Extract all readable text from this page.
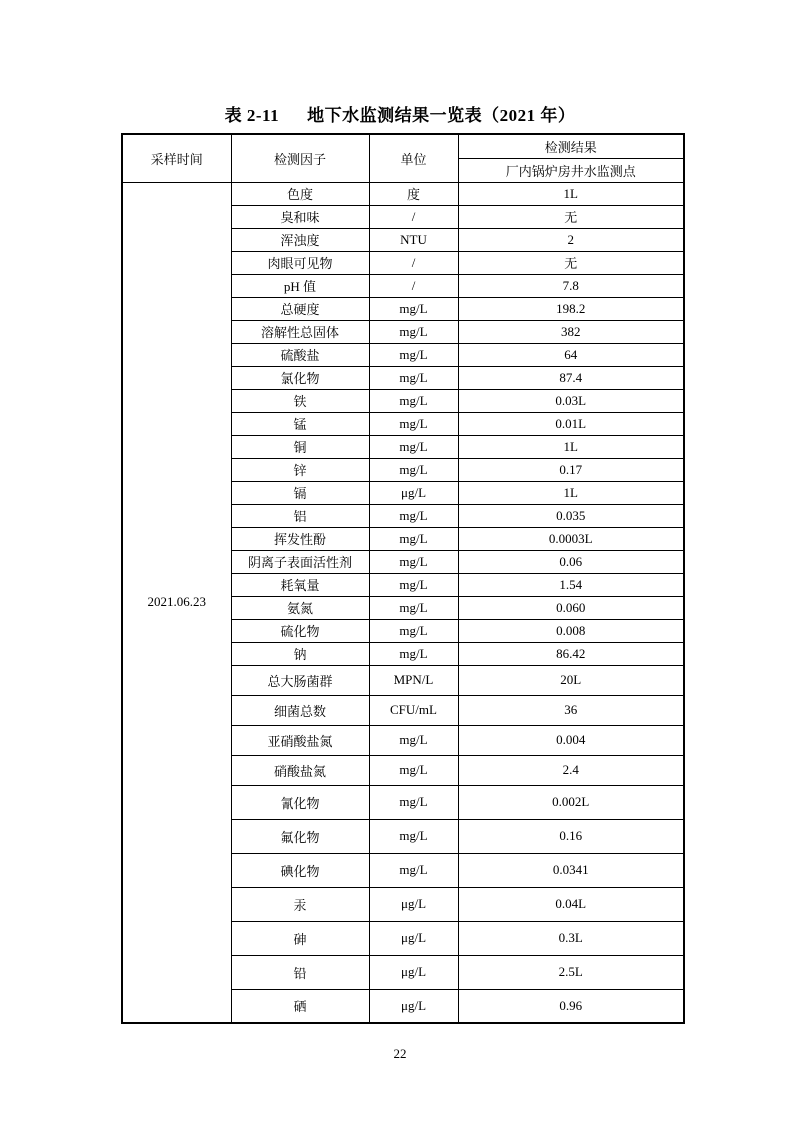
表 2-11 地下水监测结果一览表（2021 年）
采样时间	检测因子	单位	检测结果
			厂内锅炉房井水监测点
2021.06.23	色度	度	1L
	臭和味	/	无
	浑浊度	NTU	2
	肉眼可见物	/	无
	pH 值	/	7.8
	总硬度	mg/L	198.2
	溶解性总固体	mg/L	382
	硫酸盐	mg/L	64
	氯化物	mg/L	87.4
	铁	mg/L	0.03L
	锰	mg/L	0.01L
	铜	mg/L	1L
	锌	mg/L	0.17
	镉	μg/L	1L
	铝	mg/L	0.035
	挥发性酚	mg/L	0.0003L
	阴离子表面活性剂	mg/L	0.06
	耗氧量	mg/L	1.54
	氨氮	mg/L	0.060
	硫化物	mg/L	0.008
	钠	mg/L	86.42
	总大肠菌群	MPN/L	20L
	细菌总数	CFU/mL	36
	亚硝酸盐氮	mg/L	0.004
	硝酸盐氮	mg/L	2.4
	氰化物	mg/L	0.002L
	氟化物	mg/L	0.16
	碘化物	mg/L	0.0341
	汞	μg/L	0.04L
	砷	μg/L	0.3L
	铅	μg/L	2.5L
	硒	μg/L	0.96
22
